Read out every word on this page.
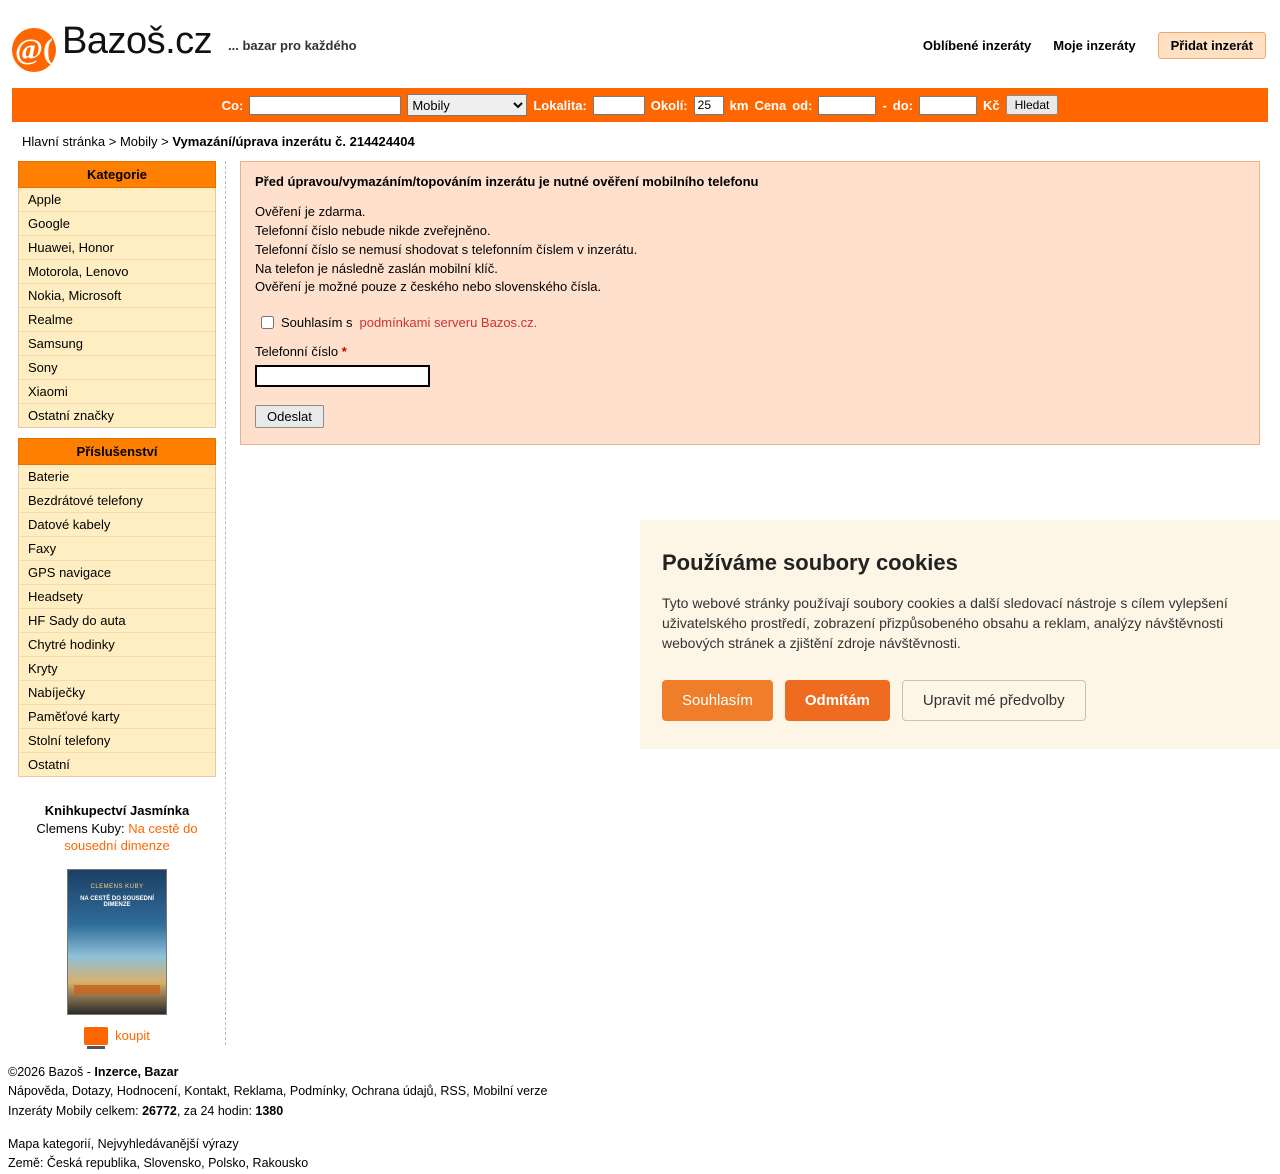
@( Bazoš.cz ... bazar pro každého	Oblíbené inzeráty Moje inzeráty	Přidat inzerát
Co:
Mobily	Lokalita:	Okolí:
25	km Cena od:	- do:	Kč	Hledat
Hlavní stránka > Mobily > Vymazání/úprava inzerátu č. 214424404
Kategorie
Apple
Google
Huawei, Honor
Motorola, Lenovo
Nokia, Microsoft
Realme
Samsung
Sony
Xiaomi
Ostatní značky
Příslušenství
Baterie
Bezdrátové telefony
Datové kabely
Faxy
GPS navigace
Headsety
HF Sady do auta
Chytré hodinky
Kryty
Nabíječky
Paměťové karty
Stolní telefony
Ostatní
Knihkupectví Jasmínka
Clemens Kuby: Na cestě do sousední dimenze
CLEMENS KUBY
NA CESTĚ DO SOUSEDNÍ DIMENZE
koupit
Před úpravou/vymazáním/topováním inzerátu je nutné ověření mobilního telefonu
Ověření je zdarma.
Telefonní číslo nebude nikde zveřejněno.
Telefonní číslo se nemusí shodovat s telefonním číslem v inzerátu.
Na telefon je následně zaslán mobilní klíč.
Ověření je možné pouze z českého nebo slovenského čísla.
Souhlasím s podmínkami serveru Bazos.cz.
Telefonní číslo *
Odeslat
Používáme soubory cookies

Tyto webové stránky používají soubory cookies a další sledovací nástroje s cílem vylepšení uživatelského prostředí, zobrazení přizpůsobeného obsahu a reklam, analýzy návštěvnosti webových stránek a zjištění zdroje návštěvnosti.

Souhlasím	Odmítám	Upravit mé předvolby
©2026 Bazoš - Inzerce, Bazar
Nápověda, Dotazy, Hodnocení, Kontakt, Reklama, Podmínky, Ochrana údajů, RSS, Mobilní verze
Inzeráty Mobily celkem: 26772, za 24 hodin: 1380
Mapa kategorií, Nejvyhledávanější výrazy
Země: Česká republika, Slovensko, Polsko, Rakousko
